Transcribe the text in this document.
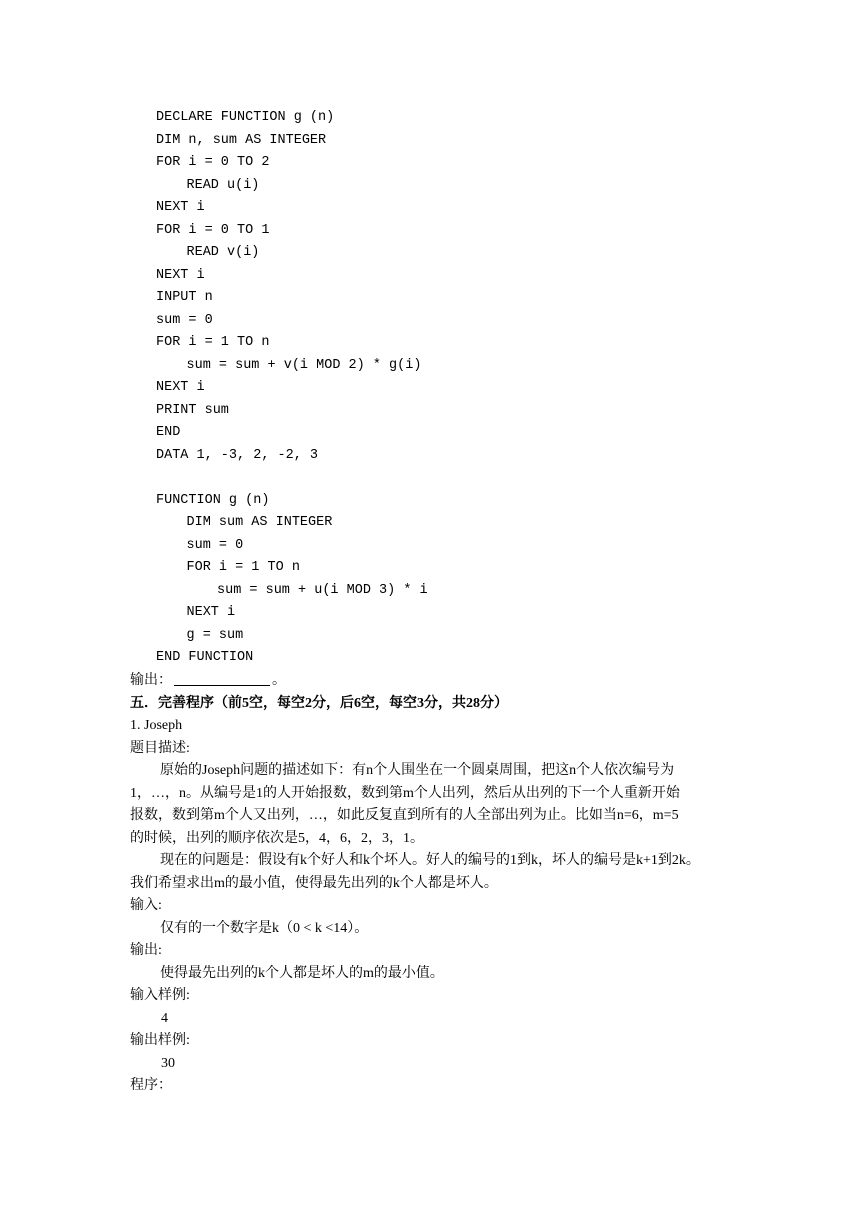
DECLARE FUNCTION g (n)
DIM n, sum AS INTEGER
FOR i = 0 TO 2
READ u(i)
NEXT i
FOR i = 0 TO 1
READ v(i)
NEXT i
INPUT n
sum = 0
FOR i = 1 TO n
sum = sum + v(i MOD 2) * g(i)
NEXT i
PRINT sum
END
DATA 1, -3, 2, -2, 3
FUNCTION g (n)
DIM sum AS INTEGER
sum = 0
FOR i = 1 TO n
sum = sum + u(i MOD 3) * i
NEXT i
g = sum
END FUNCTION
输出：	。
五．完善程序（前5空，每空2分，后6空，每空3分，共28分）
1. Joseph
题目描述:
原始的Joseph问题的描述如下：有n个人围坐在一个圆桌周围，把这n个人依次编号为
1，…，n。从编号是1的人开始报数，数到第m个人出列，然后从出列的下一个人重新开始
报数，数到第m个人又出列，…，如此反复直到所有的人全部出列为止。比如当n=6，m=5
的时候，出列的顺序依次是5，4，6，2，3，1。
现在的问题是：假设有k个好人和k个坏人。好人的编号的1到k，坏人的编号是k+1到2k。
我们希望求出m的最小值，使得最先出列的k个人都是坏人。
输入:
仅有的一个数字是k（0 < k <14）。
输出:
使得最先出列的k个人都是坏人的m的最小值。
输入样例:
4
输出样例:
30
程序：
